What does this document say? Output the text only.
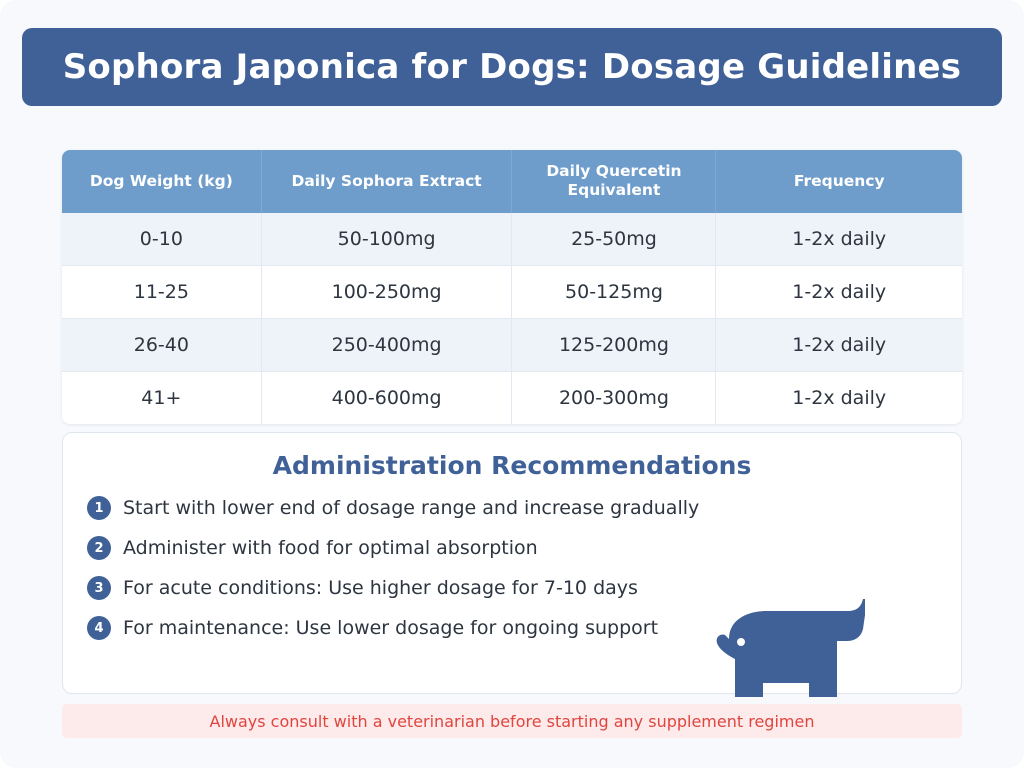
Sophora Japonica for Dogs: Dosage Guidelines
Dog Weight (kg)	Daily Sophora Extract	Daily Quercetin Equivalent	Frequency
0-10	50-100mg	25-50mg	1-2x daily
11-25	100-250mg	50-125mg	1-2x daily
26-40	250-400mg	125-200mg	1-2x daily
41+	400-600mg	200-300mg	1-2x daily
Administration Recommendations
1	Start with lower end of dosage range and increase gradually
2	Administer with food for optimal absorption
3	For acute conditions: Use higher dosage for 7-10 days
4	For maintenance: Use lower dosage for ongoing support
Always consult with a veterinarian before starting any supplement regimen
